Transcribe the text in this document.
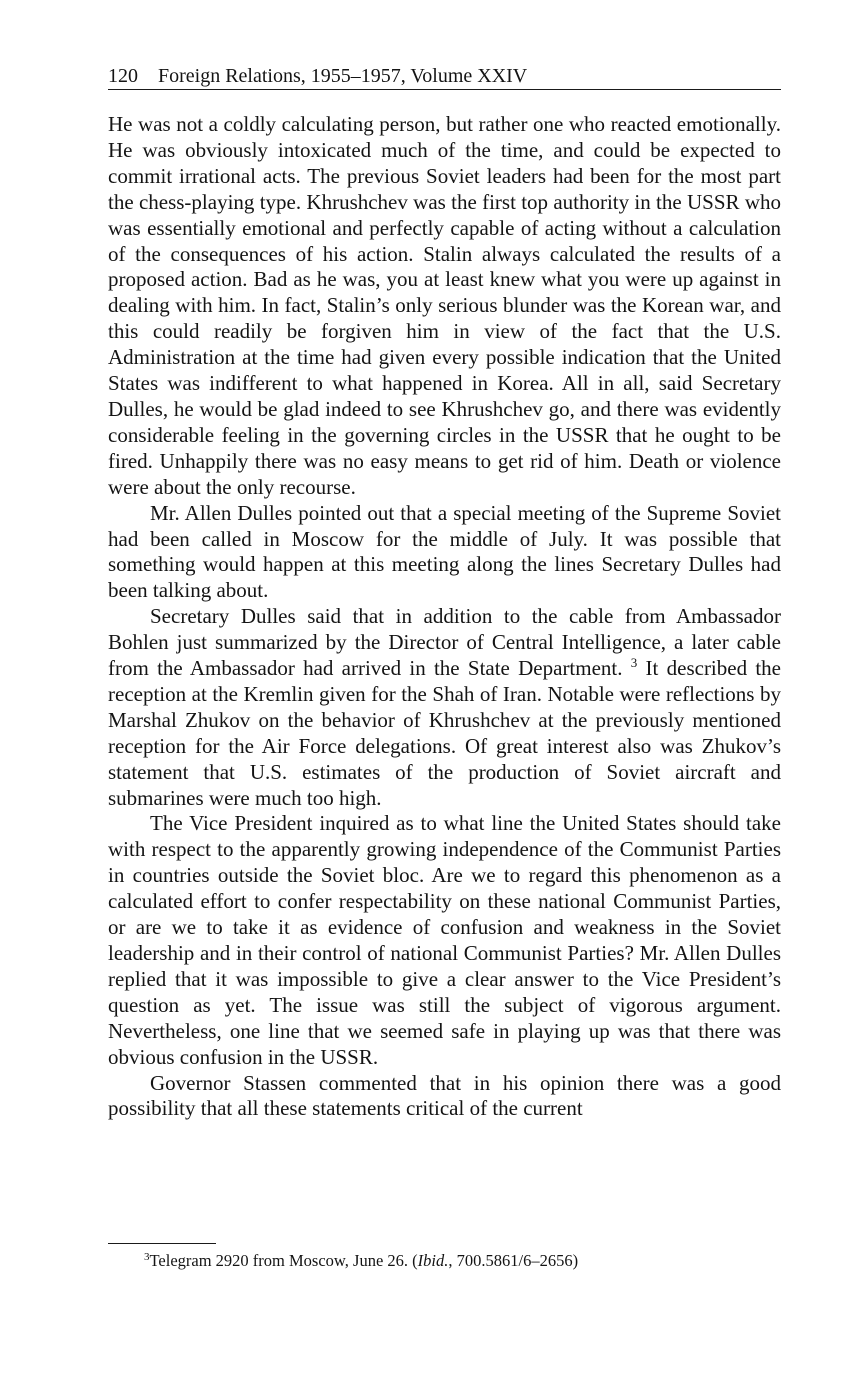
120 Foreign Relations, 1955–1957, Volume XXIV

He was not a coldly calculating person, but rather one who reacted emotionally. He was obviously intoxicated much of the time, and could be expected to commit irrational acts. The previous Soviet leaders had been for the most part the chess-playing type. Khrushchev was the first top authority in the USSR who was essentially emotional and perfectly capable of acting without a calculation of the consequences of his action. Stalin always calculated the results of a proposed action. Bad as he was, you at least knew what you were up against in dealing with him. In fact, Stalin’s only serious blunder was the Korean war, and this could readily be forgiven him in view of the fact that the U.S. Administration at the time had given every possible indication that the United States was indifferent to what happened in Korea. All in all, said Secretary Dulles, he would be glad indeed to see Khrushchev go, and there was evidently considerable feeling in the governing circles in the USSR that he ought to be fired. Unhappily there was no easy means to get rid of him. Death or violence were about the only recourse.

Mr. Allen Dulles pointed out that a special meeting of the Supreme Soviet had been called in Moscow for the middle of July. It was possible that something would happen at this meeting along the lines Secretary Dulles had been talking about.

Secretary Dulles said that in addition to the cable from Ambassador Bohlen just summarized by the Director of Central Intelligence, a later cable from the Ambassador had arrived in the State Department. $^3$ It described the reception at the Kremlin given for the Shah of Iran. Notable were reflections by Marshal Zhukov on the behavior of Khrushchev at the previously mentioned reception for the Air Force delegations. Of great interest also was Zhukov’s statement that U.S. estimates of the production of Soviet aircraft and submarines were much too high.

The Vice President inquired as to what line the United States should take with respect to the apparently growing independence of the Communist Parties in countries outside the Soviet bloc. Are we to regard this phenomenon as a calculated effort to confer respectability on these national Communist Parties, or are we to take it as evidence of confusion and weakness in the Soviet leadership and in their control of national Communist Parties? Mr. Allen Dulles replied that it was impossible to give a clear answer to the Vice President’s question as yet. The issue was still the subject of vigorous argument. Nevertheless, one line that we seemed safe in playing up was that there was obvious confusion in the USSR.

Governor Stassen commented that in his opinion there was a good possibility that all these statements critical of the current

$^3$Telegram 2920 from Moscow, June 26. (Ibid., 700.5861/6–2656)
